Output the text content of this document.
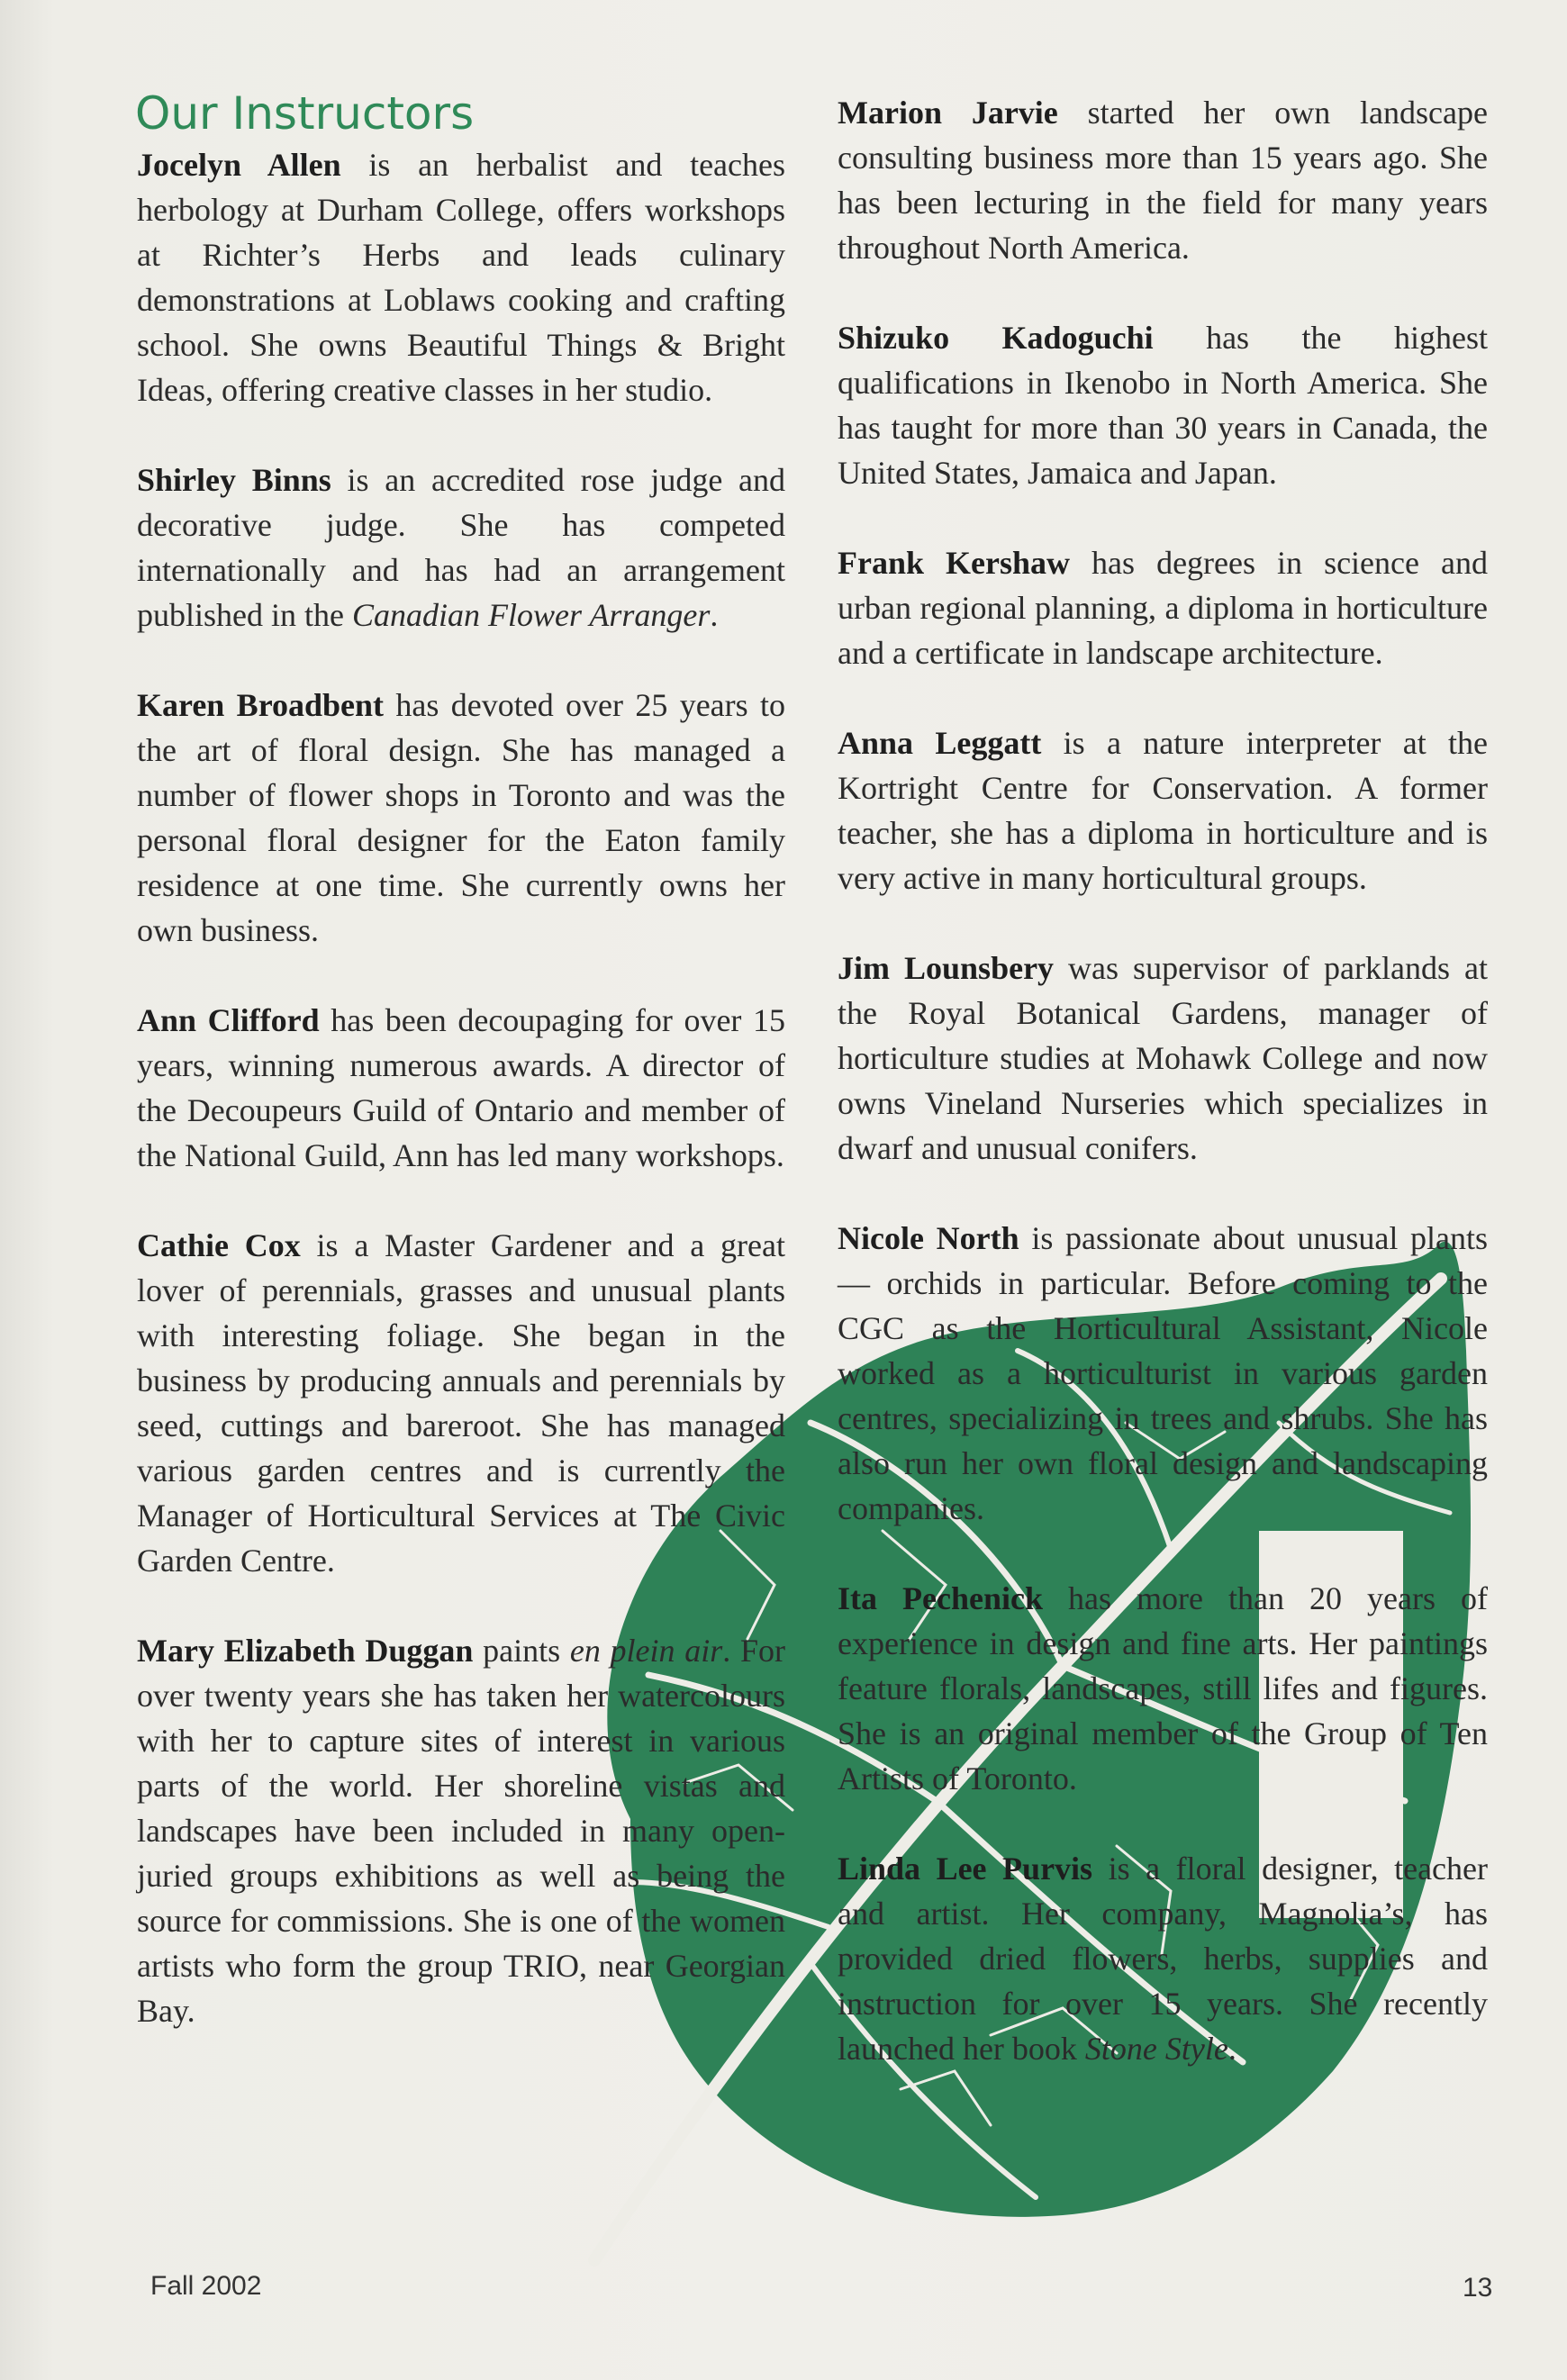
Our Instructors

Jocelyn Allen is an herbalist and teaches herbology at Durham College, offers workshops at Richter’s Herbs and leads culinary demonstrations at Loblaws cooking and crafting school. She owns Beautiful Things & Bright Ideas, offering creative classes in her studio.

Shirley Binns is an accredited rose judge and decorative judge. She has competed internationally and has had an arrangement published in the Canadian Flower Arranger.

Karen Broadbent has devoted over 25 years to the art of floral design. She has managed a number of flower shops in Toronto and was the personal floral designer for the Eaton family residence at one time. She currently owns her own business.

Ann Clifford has been decoupaging for over 15 years, winning numerous awards. A director of the Decoupeurs Guild of Ontario and member of the National Guild, Ann has led many workshops.

Cathie Cox is a Master Gardener and a great lover of perennials, grasses and unusual plants with interesting foliage. She began in the business by producing annuals and perennials by seed, cuttings and bareroot. She has managed various garden centres and is currently the Manager of Horticultural Services at The Civic Garden Centre.

Mary Elizabeth Duggan paints en plein air. For over twenty years she has taken her watercolours with her to capture sites of interest in various parts of the world. Her shoreline vistas and landscapes have been included in many open-juried groups exhibitions as well as being the source for commissions. She is one of the women artists who form the group TRIO, near Georgian Bay.

Marion Jarvie started her own landscape consulting business more than 15 years ago. She has been lecturing in the field for many years throughout North America.

Shizuko Kadoguchi has the highest qualifications in Ikenobo in North America. She has taught for more than 30 years in Canada, the United States, Jamaica and Japan.

Frank Kershaw has degrees in science and urban regional planning, a diploma in horticulture and a certificate in landscape architecture.

Anna Leggatt is a nature interpreter at the Kortright Centre for Conservation. A former teacher, she has a diploma in horticulture and is very active in many horticultural groups.

Jim Lounsbery was supervisor of parklands at the Royal Botanical Gardens, manager of horticulture studies at Mohawk College and now owns Vineland Nurseries which specializes in dwarf and unusual conifers.

Nicole North is passionate about unusual plants — orchids in particular. Before coming to the CGC as the Horticultural Assistant, Nicole worked as a horticulturist in various garden centres, specializing in trees and shrubs. She has also run her own floral design and landscaping companies.

Ita Pechenick has more than 20 years of experience in design and fine arts. Her paintings feature florals, landscapes, still lifes and figures. She is an original member of the Group of Ten Artists of Toronto.

Linda Lee Purvis is a floral designer, teacher and artist. Her company, Magnolia’s, has provided dried flowers, herbs, supplies and instruction for over 15 years. She recently launched her book Stone Style.

Fall 2002	13
